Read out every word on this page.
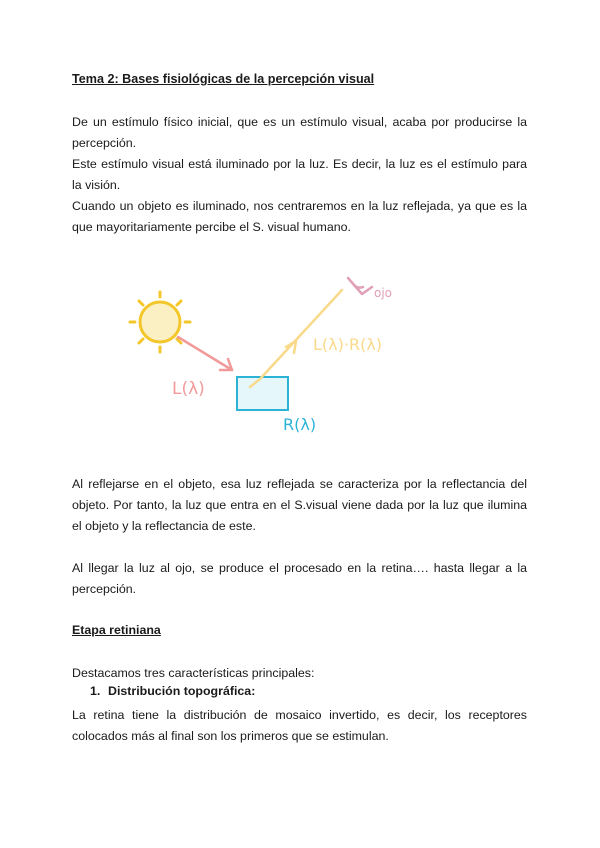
Tema 2: Bases fisiológicas de la percepción visual

De un estímulo físico inicial, que es un estímulo visual, acaba por producirse la percepción.

Este estímulo visual está iluminado por la luz. Es decir, la luz es el estímulo para la visión.

Cuando un objeto es iluminado, nos centraremos en la luz reflejada, ya que es la que mayoritariamente percibe el S. visual humano.

L(λ)
R(λ)
L(λ)·R(λ)
ojo
Al reflejarse en el objeto, esa luz reflejada se caracteriza por la reflectancia del objeto. Por tanto, la luz que entra en el S.visual viene dada por la luz que ilumina el objeto y la reflectancia de este.
Al llegar la luz al ojo, se produce el procesado en la retina…. hasta llegar a la percepción.
Etapa retiniana
Destacamos tres características principales:
1. Distribución topográfica:
La retina tiene la distribución de mosaico invertido, es decir, los receptores colocados más al final son los primeros que se estimulan.
